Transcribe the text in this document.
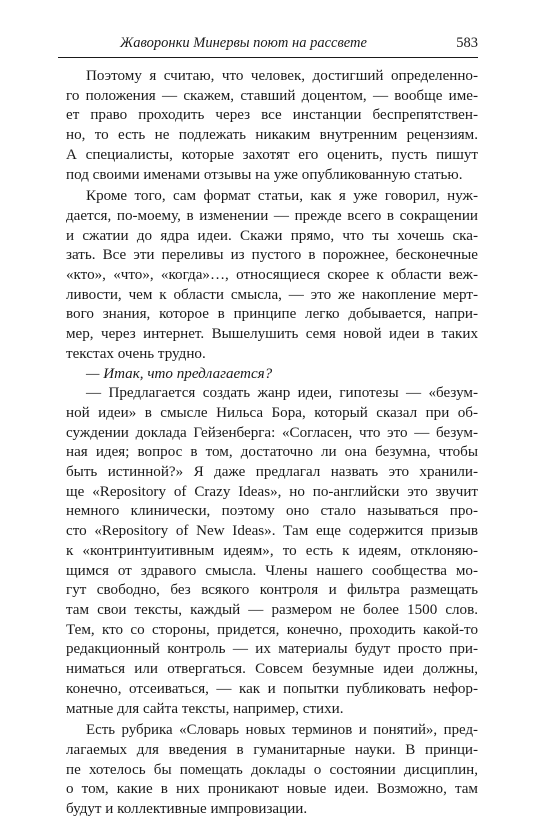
Жаворонки Минервы поют на рассвете	583
Поэтому я считаю, что человек, достигший определенно-
го положения — скажем, ставший доцентом, — вообще име-
ет право проходить через все инстанции беспрепятствен-
но, то есть не подлежать никаким внутренним рецензиям.
А специалисты, которые захотят его оценить, пусть пишут
под своими именами отзывы на уже опубликованную статью.
Кроме того, сам формат статьи, как я уже говорил, нуж-
дается, по-моему, в изменении — прежде всего в сокращении
и сжатии до ядра идеи. Скажи прямо, что ты хочешь ска-
зать. Все эти переливы из пустого в порожнее, бесконечные
«кто», «что», «когда»…, относящиеся скорее к области веж-
ливости, чем к области смысла, — это же накопление мерт-
вого знания, которое в принципе легко добывается, напри-
мер, через интернет. Вышелушить семя новой идеи в таких
текстах очень трудно.
— Итак, что предлагается?
— Предлагается создать жанр идеи, гипотезы — «безум-
ной идеи» в смысле Нильса Бора, который сказал при об-
суждении доклада Гейзенберга: «Согласен, что это — безум-
ная идея; вопрос в том, достаточно ли она безумна, чтобы
быть истинной?» Я даже предлагал назвать это хранили-
ще «Repository of Crazy Ideas», но по-английски это звучит
немного клинически, поэтому оно стало называться про-
сто «Repository of New Ideas». Там еще содержится призыв
к «контринтуитивным идеям», то есть к идеям, отклоняю-
щимся от здравого смысла. Члены нашего сообщества мо-
гут свободно, без всякого контроля и фильтра размещать
там свои тексты, каждый — размером не более 1500 слов.
Тем, кто со стороны, придется, конечно, проходить какой-то
редакционный контроль — их материалы будут просто при-
ниматься или отвергаться. Совсем безумные идеи должны,
конечно, отсеиваться, — как и попытки публиковать нефор-
матные для сайта тексты, например, стихи.
Есть рубрика «Словарь новых терминов и понятий», пред-
лагаемых для введения в гуманитарные науки. В принци-
пе хотелось бы помещать доклады о состоянии дисциплин,
о том, какие в них проникают новые идеи. Возможно, там
будут и коллективные импровизации.
